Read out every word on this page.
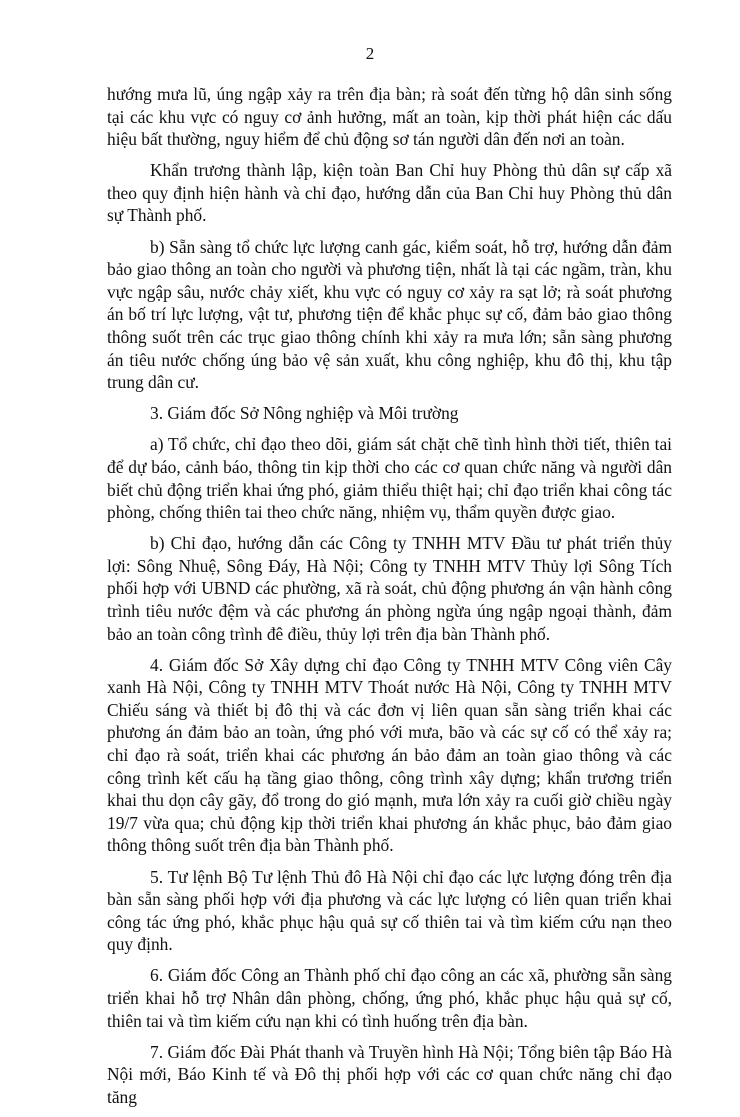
2

hướng mưa lũ, úng ngập xảy ra trên địa bàn; rà soát đến từng hộ dân sinh sống tại các khu vực có nguy cơ ảnh hưởng, mất an toàn, kịp thời phát hiện các dấu hiệu bất thường, nguy hiểm để chủ động sơ tán người dân đến nơi an toàn.

Khẩn trương thành lập, kiện toàn Ban Chỉ huy Phòng thủ dân sự cấp xã theo quy định hiện hành và chỉ đạo, hướng dẫn của Ban Chỉ huy Phòng thủ dân sự Thành phố.

b) Sẵn sàng tổ chức lực lượng canh gác, kiểm soát, hỗ trợ, hướng dẫn đảm bảo giao thông an toàn cho người và phương tiện, nhất là tại các ngầm, tràn, khu vực ngập sâu, nước chảy xiết, khu vực có nguy cơ xảy ra sạt lở; rà soát phương án bố trí lực lượng, vật tư, phương tiện để khắc phục sự cố, đảm bảo giao thông thông suốt trên các trục giao thông chính khi xảy ra mưa lớn; sẵn sàng phương án tiêu nước chống úng bảo vệ sản xuất, khu công nghiệp, khu đô thị, khu tập trung dân cư.

3. Giám đốc Sở Nông nghiệp và Môi trường

a) Tổ chức, chỉ đạo theo dõi, giám sát chặt chẽ tình hình thời tiết, thiên tai để dự báo, cảnh báo, thông tin kịp thời cho các cơ quan chức năng và người dân biết chủ động triển khai ứng phó, giảm thiểu thiệt hại; chỉ đạo triển khai công tác phòng, chống thiên tai theo chức năng, nhiệm vụ, thẩm quyền được giao.

b) Chỉ đạo, hướng dẫn các Công ty TNHH MTV Đầu tư phát triển thủy lợi: Sông Nhuệ, Sông Đáy, Hà Nội; Công ty TNHH MTV Thủy lợi Sông Tích phối hợp với UBND các phường, xã rà soát, chủ động phương án vận hành công trình tiêu nước đệm và các phương án phòng ngừa úng ngập ngoại thành, đảm bảo an toàn công trình đê điều, thủy lợi trên địa bàn Thành phố.

4. Giám đốc Sở Xây dựng chỉ đạo Công ty TNHH MTV Công viên Cây xanh Hà Nội, Công ty TNHH MTV Thoát nước Hà Nội, Công ty TNHH MTV Chiếu sáng và thiết bị đô thị và các đơn vị liên quan sẵn sàng triển khai các phương án đảm bảo an toàn, ứng phó với mưa, bão và các sự cố có thể xảy ra; chỉ đạo rà soát, triển khai các phương án bảo đảm an toàn giao thông và các công trình kết cấu hạ tầng giao thông, công trình xây dựng; khẩn trương triển khai thu dọn cây gãy, đổ trong do gió mạnh, mưa lớn xảy ra cuối giờ chiều ngày 19/7 vừa qua; chủ động kịp thời triển khai phương án khắc phục, bảo đảm giao thông thông suốt trên địa bàn Thành phố.

5. Tư lệnh Bộ Tư lệnh Thủ đô Hà Nội chỉ đạo các lực lượng đóng trên địa bàn sẵn sàng phối hợp với địa phương và các lực lượng có liên quan triển khai công tác ứng phó, khắc phục hậu quả sự cố thiên tai và tìm kiếm cứu nạn theo quy định.

6. Giám đốc Công an Thành phố chỉ đạo công an các xã, phường sẵn sàng triển khai hỗ trợ Nhân dân phòng, chống, ứng phó, khắc phục hậu quả sự cố, thiên tai và tìm kiếm cứu nạn khi có tình huống trên địa bàn.

7. Giám đốc Đài Phát thanh và Truyền hình Hà Nội; Tổng biên tập Báo Hà Nội mới, Báo Kinh tế và Đô thị phối hợp với các cơ quan chức năng chỉ đạo tăng
